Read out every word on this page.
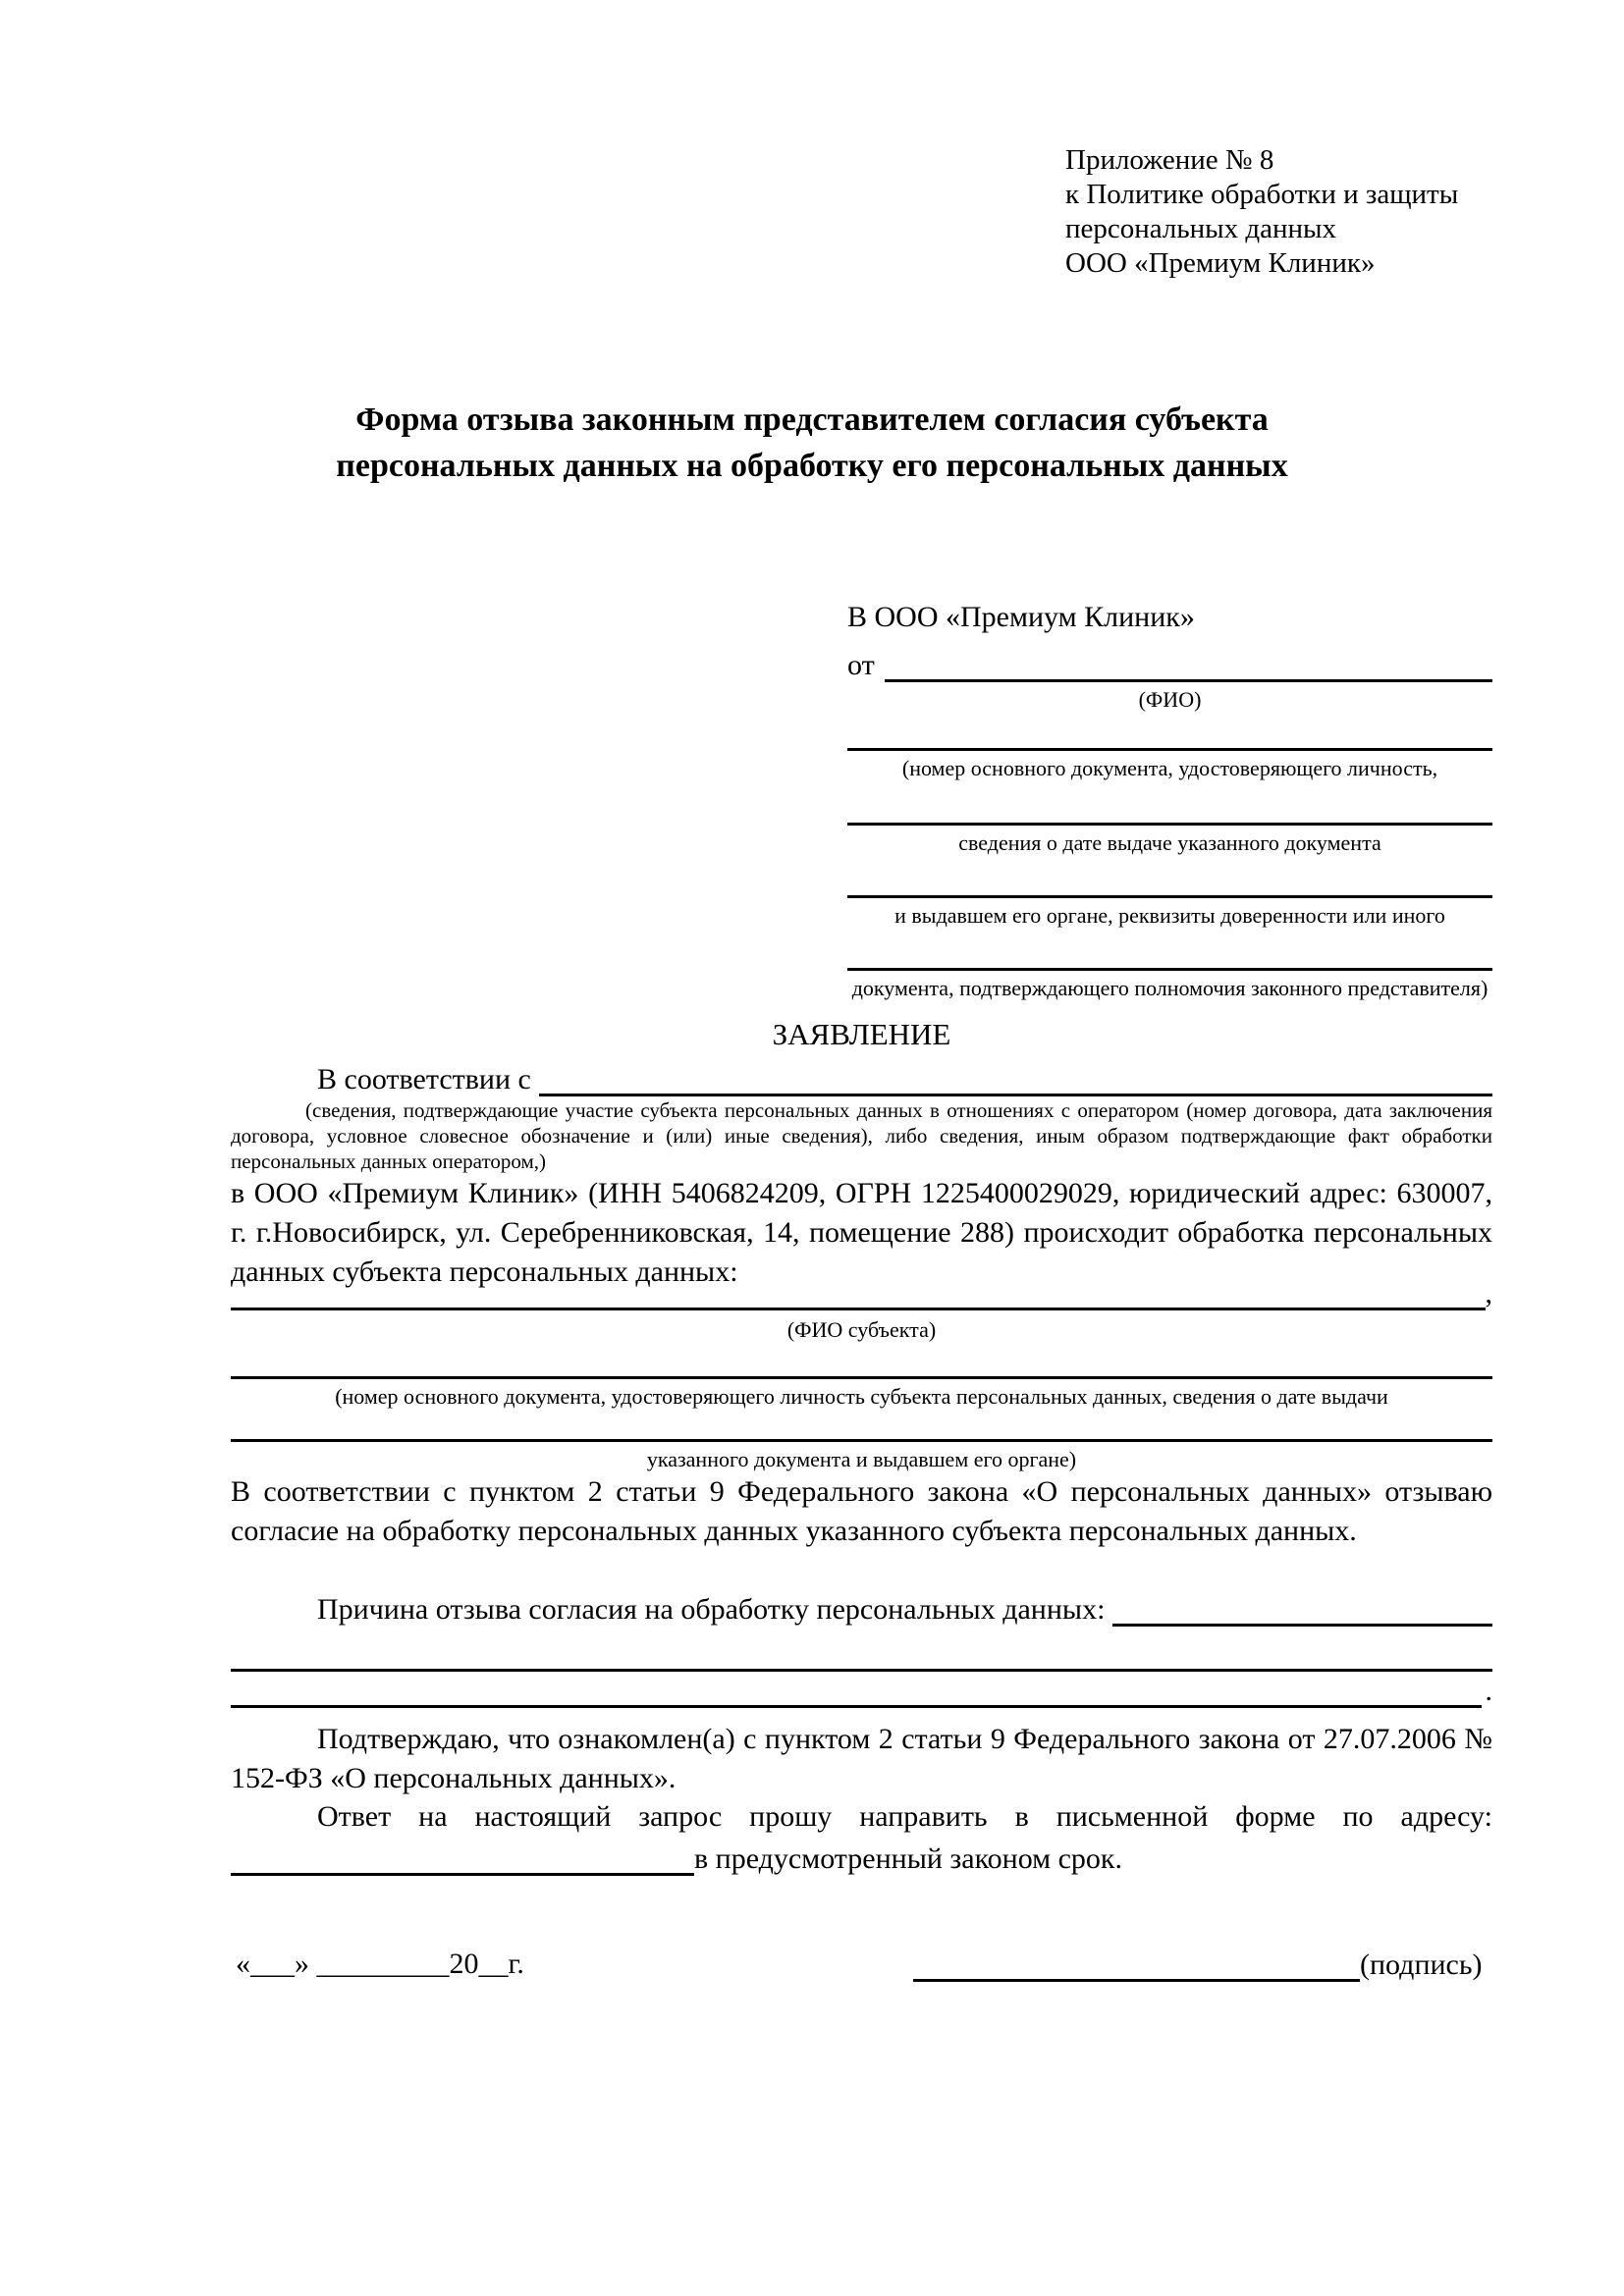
Приложение № 8
к Политике обработки и защиты
персональных данных
ООО «Премиум Клиник»
Форма отзыва законным представителем согласия субъекта
персональных данных на обработку его персональных данных
В ООО «Премиум Клиник»
от
(ФИО)
(номер основного документа, удостоверяющего личность,
сведения о дате выдаче указанного документа
и выдавшем его органе, реквизиты доверенности или иного
документа, подтверждающего полномочия законного представителя)
ЗАЯВЛЕНИЕ
В соответствии с
(сведения, подтверждающие участие субъекта персональных данных в отношениях с оператором (номер договора, дата заключения договора, условное словесное обозначение и (или) иные сведения), либо сведения, иным образом подтверждающие факт обработки персональных данных оператором,)
в ООО «Премиум Клиник» (ИНН 5406824209, ОГРН 1225400029029, юридический адрес: 630007, г. г.Новосибирск, ул. Серебренниковская, 14, помещение 288) происходит обработка персональных данных субъекта персональных данных:
,
(ФИО субъекта)
(номер основного документа, удостоверяющего личность субъекта персональных данных, сведения о дате выдачи
указанного документа и выдавшем его органе)
В соответствии с пунктом 2 статьи 9 Федерального закона «О персональных данных» отзываю согласие на обработку персональных данных указанного субъекта персональных данных.
Причина отзыва согласия на обработку персональных данных:
.
Подтверждаю, что ознакомлен(а) с пунктом 2 статьи 9 Федерального закона от 27.07.2006 № 152-ФЗ «О персональных данных».
Ответ на настоящий запрос прошу направить в письменной форме по адресу:
в предусмотренный законом срок.
«___» _________20__г.	(подпись)
